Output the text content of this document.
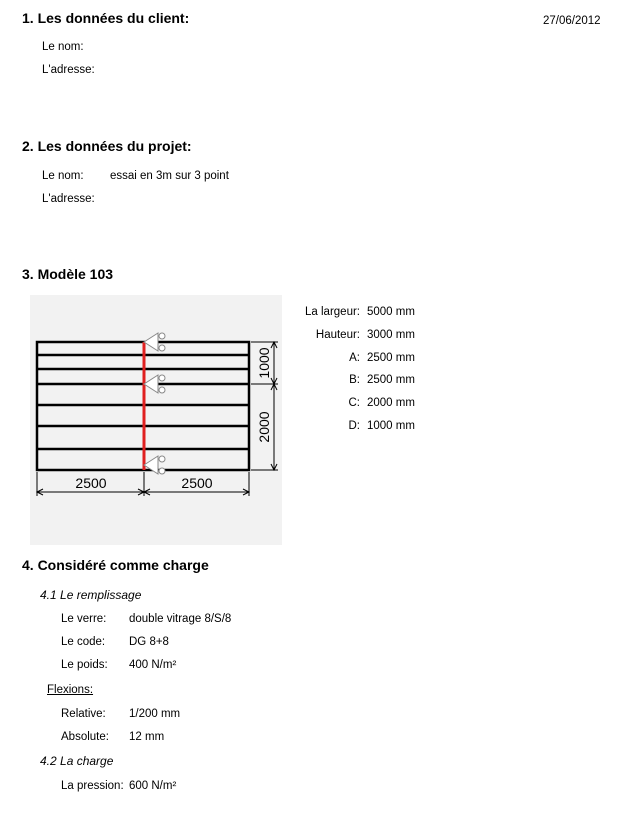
27/06/2012
1. Les données du client:
Le nom:
L'adresse:
2. Les données du projet:
Le nom: essai en 3m sur 3 point
L'adresse:
3. Modèle 103
2500	2500
1000
2000
La largeur: 5000 mm
Hauteur: 3000 mm
A: 2500 mm
B: 2500 mm
C: 2000 mm
D: 1000 mm
4. Considéré comme charge
4.1 Le remplissage
Le verre: double vitrage 8/S/8
Le code: DG 8+8
Le poids: 400 N/m²
Flexions:
Relative: 1/200 mm
Absolute: 12 mm
4.2 La charge
La pression: 600 N/m²
